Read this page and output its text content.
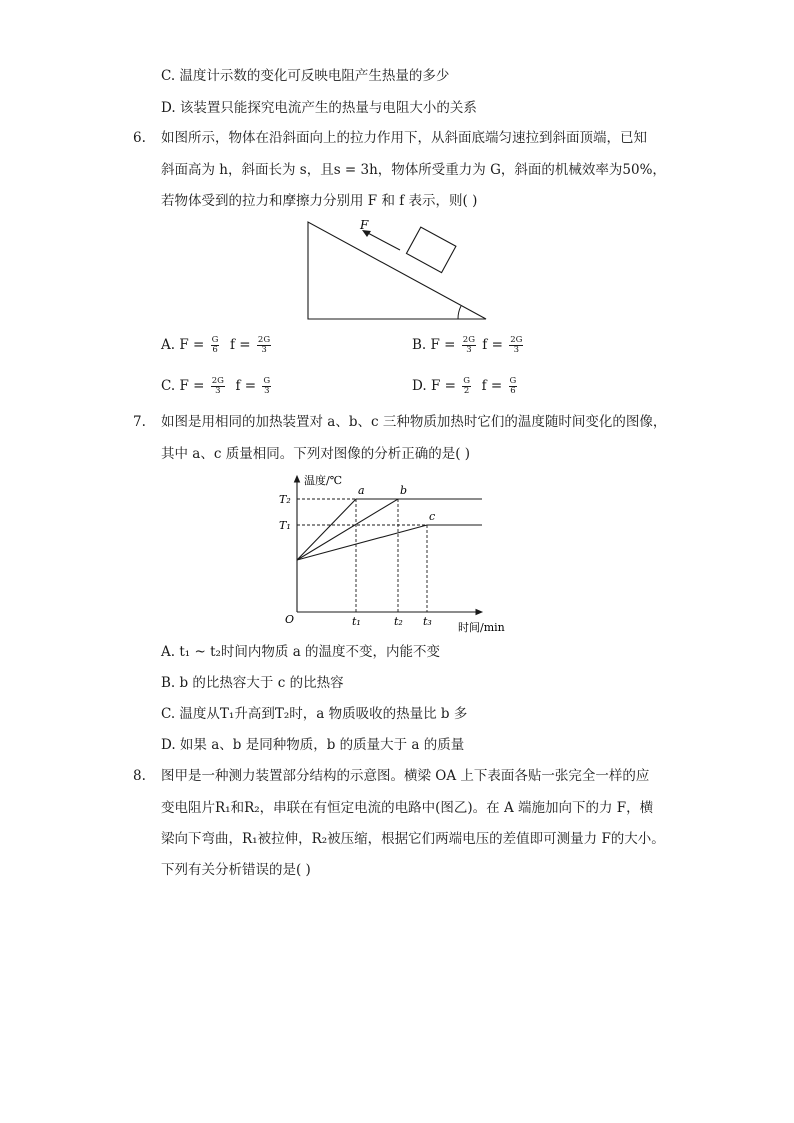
C. 温度计示数的变化可反映电阻产生热量的多少
D. 该装置只能探究电流产生的热量与电阻大小的关系
6. 如图所示，物体在沿斜面向上的拉力作用下，从斜面底端匀速拉到斜面顶端，已知
斜面高为 h，斜面长为 s，且s = 3h，物体所受重力为 G，斜面的机械效率为50%，
若物体受到的拉力和摩擦力分别用 F 和 f 表示，则( )
F
A. $F = \frac{G}{6}$ $f = \frac{2G}{3}$	B. $F = \frac{2G}{3}$ $f = \frac{2G}{3}$
C. $F = \frac{2G}{3}$ $f = \frac{G}{3}$	D. $F = \frac{G}{2}$ $f = \frac{G}{6}$
7. 如图是用相同的加热装置对 a、b、c 三种物质加热时它们的温度随时间变化的图像，
其中 a、c 质量相同。下列对图像的分析正确的是( )
温度/℃
时间/min
O
a	b
c
T₂
T₁
t₁	t₂ t₃
A. t₁ ~ t₂时间内物质 a 的温度不变，内能不变
B. b 的比热容大于 c 的比热容
C. 温度从T₁升高到T₂时，a 物质吸收的热量比 b 多
D. 如果 a、b 是同种物质，b 的质量大于 a 的质量
8. 图甲是一种测力装置部分结构的示意图。横梁 OA 上下表面各贴一张完全一样的应
变电阻片R₁和R₂，串联在有恒定电流的电路中(图乙)。在 A 端施加向下的力 F，横
梁向下弯曲，R₁被拉伸，R₂被压缩，根据它们两端电压的差值即可测量力 F的大小。
下列有关分析错误的是( )
